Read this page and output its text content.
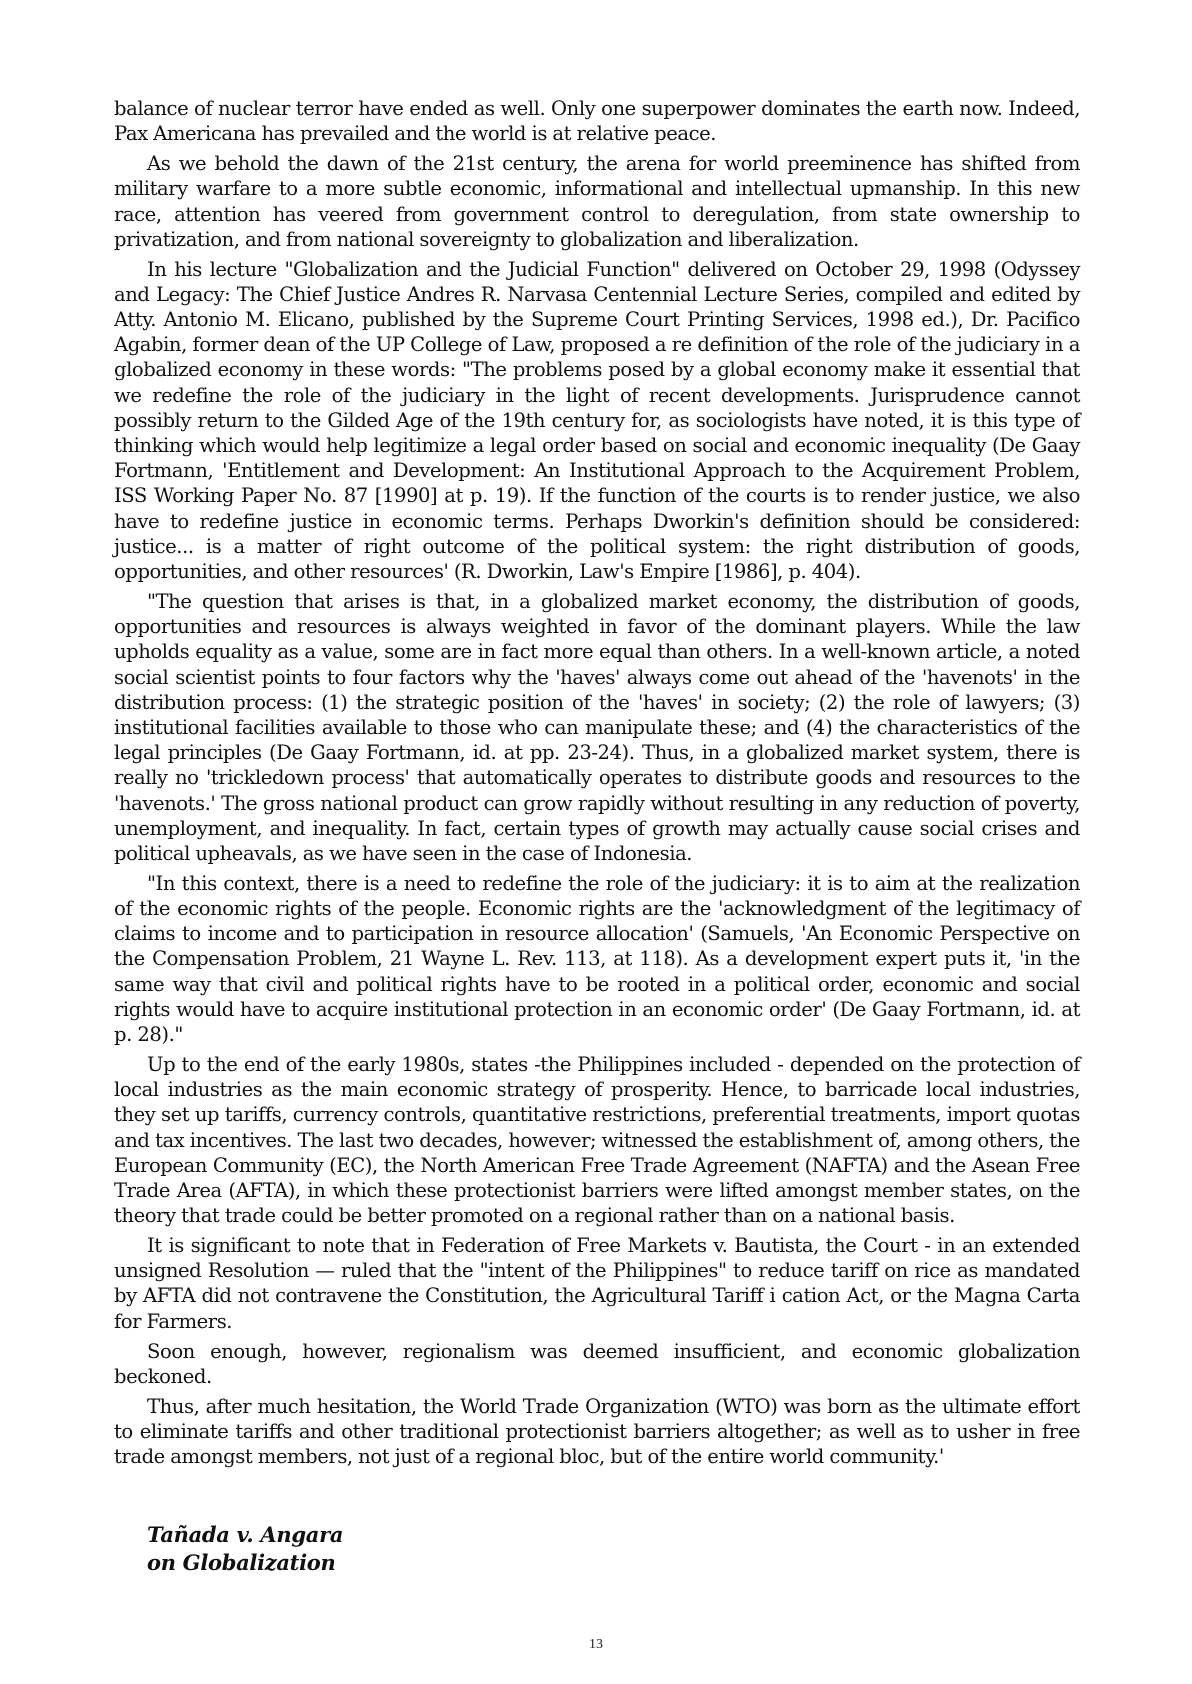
balance of nuclear terror have ended as well. Only one superpower dominates the earth now. Indeed, Pax Americana has prevailed and the world is at relative peace.

As we behold the dawn of the 21st century, the arena for world preeminence has shifted from military warfare to a more subtle economic, informational and intellectual upmanship. In this new race, attention has veered from government control to deregulation, from state ownership to privatization, and from national sovereignty to globalization and liberalization.

In his lecture "Globalization and the Judicial Function" delivered on October 29, 1998 (Odyssey and Legacy: The Chief Justice Andres R. Narvasa Centennial Lecture Series, compiled and edited by Atty. Antonio M. Elicano, published by the Supreme Court Printing Services, 1998 ed.), Dr. Pacifico Agabin, former dean of the UP College of Law, proposed a re definition of the role of the judiciary in a globalized economy in these words: "The problems posed by a global economy make it essential that we redefine the role of the judiciary in the light of recent developments. Jurisprudence cannot possibly return to the Gilded Age of the 19th century for, as sociologists have noted, it is this type of thinking which would help legitimize a legal order based on social and economic inequality (De Gaay Fortmann, 'Entitlement and Development: An Institutional Approach to the Acquirement Problem, ISS Working Paper No. 87 [1990] at p. 19). If the function of the courts is to render justice, we also have to redefine justice in economic terms. Perhaps Dworkin's definition should be considered: justice... is a matter of right outcome of the political system: the right distribution of goods, opportunities, and other resources' (R. Dworkin, Law's Empire [1986], p. 404).

"The question that arises is that, in a globalized market economy, the distribution of goods, opportunities and resources is always weighted in favor of the dominant players. While the law upholds equality as a value, some are in fact more equal than others. In a well-known article, a noted social scientist points to four factors why the 'haves' always come out ahead of the 'havenots' in the distribution process: (1) the strategic position of the 'haves' in society; (2) the role of lawyers; (3) institutional facilities available to those who can manipulate these; and (4) the characteristics of the legal principles (De Gaay Fortmann, id. at pp. 23-24). Thus, in a globalized market system, there is really no 'trickledown process' that automatically operates to distribute goods and resources to the 'havenots.' The gross national product can grow rapidly without resulting in any reduction of poverty, unemployment, and inequality. In fact, certain types of growth may actually cause social crises and political upheavals, as we have seen in the case of Indonesia.

"In this context, there is a need to redefine the role of the judiciary: it is to aim at the realization of the economic rights of the people. Economic rights are the 'acknowledgment of the legitimacy of claims to income and to participation in resource allocation' (Samuels, 'An Economic Perspective on the Compensation Problem, 21 Wayne L. Rev. 113, at 118). As a development expert puts it, 'in the same way that civil and political rights have to be rooted in a political order, economic and social rights would have to acquire institutional protection in an economic order' (De Gaay Fortmann, id. at p. 28)."

Up to the end of the early 1980s, states -the Philippines included - depended on the protection of local industries as the main economic strategy of prosperity. Hence, to barricade local industries, they set up tariffs, currency controls, quantitative restrictions, preferential treatments, import quotas and tax incentives. The last two decades, however; witnessed the establishment of, among others, the European Community (EC), the North American Free Trade Agreement (NAFTA) and the Asean Free Trade Area (AFTA), in which these protectionist barriers were lifted amongst member states, on the theory that trade could be better promoted on a regional rather than on a national basis.

It is significant to note that in Federation of Free Markets v. Bautista, the Court - in an extended unsigned Resolution — ruled that the "intent of the Philippines" to reduce tariff on rice as mandated by AFTA did not contravene the Constitution, the Agricultural Tariff i cation Act, or the Magna Carta for Farmers.

Soon enough, however, regionalism was deemed insufficient, and economic globalization beckoned.

Thus, after much hesitation, the World Trade Organization (WTO) was born as the ultimate effort to eliminate tariffs and other traditional protectionist barriers altogether; as well as to usher in free trade amongst members, not just of a regional bloc, but of the entire world community.'

Tañada v. Angara
on Globalization
13
